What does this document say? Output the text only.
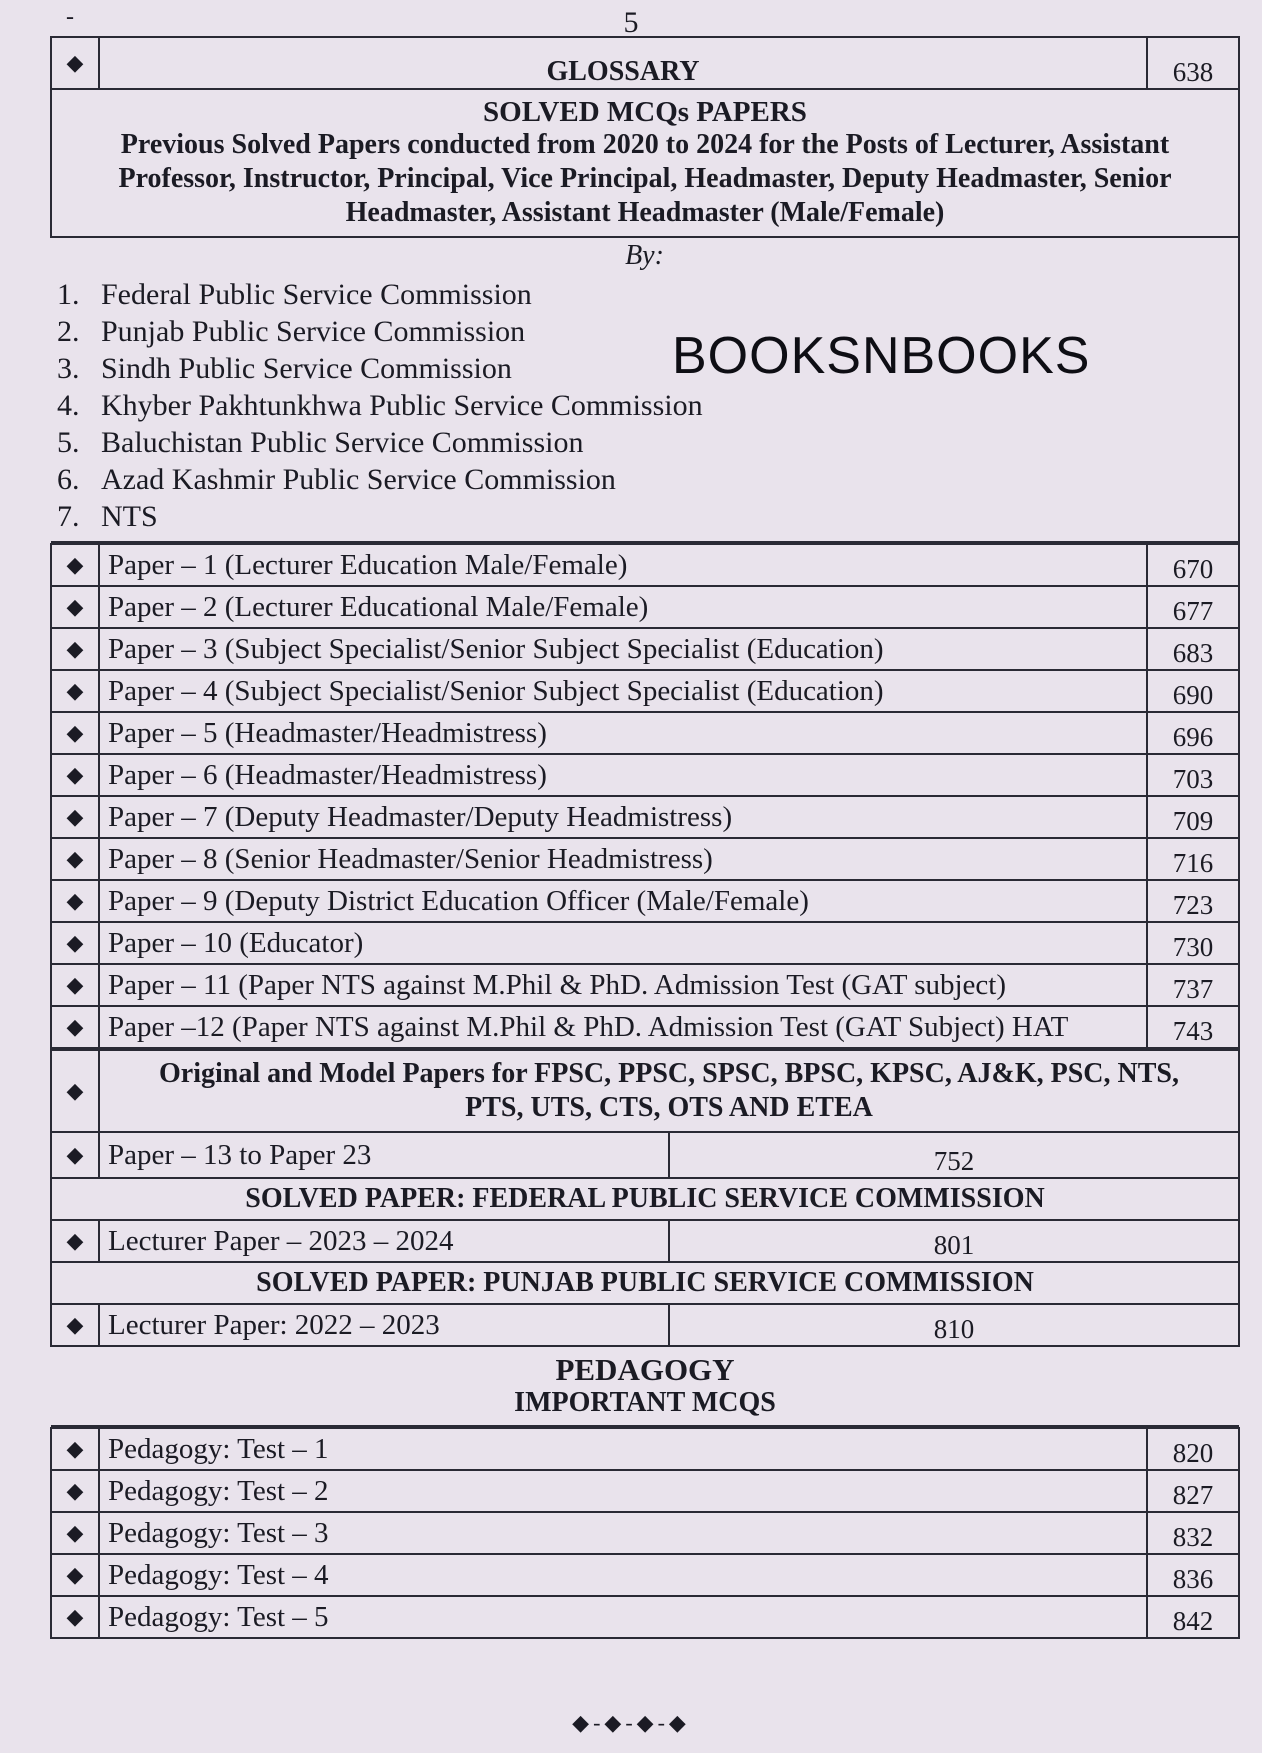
-	5
◆	GLOSSARY	638

SOLVED MCQs PAPERS
Previous Solved Papers conducted from 2020 to 2024 for the Posts of Lecturer, Assistant Professor, Instructor, Principal, Vice Principal, Headmaster, Deputy Headmaster, Senior Headmaster, Assistant Headmaster (Male/Female)

By:
1. Federal Public Service Commission
2. Punjab Public Service Commission
3. Sindh Public Service Commission
4. Khyber Pakhtunkhwa Public Service Commission
5. Baluchistan Public Service Commission
6. Azad Kashmir Public Service Commission
7. NTS
◆	Paper – 1 (Lecturer Education Male/Female)	670
◆	Paper – 2 (Lecturer Educational Male/Female)	677
◆	Paper – 3 (Subject Specialist/Senior Subject Specialist (Education)	683
◆	Paper – 4 (Subject Specialist/Senior Subject Specialist (Education)	690
◆	Paper – 5 (Headmaster/Headmistress)	696
◆	Paper – 6 (Headmaster/Headmistress)	703
◆	Paper – 7 (Deputy Headmaster/Deputy Headmistress)	709
◆	Paper – 8 (Senior Headmaster/Senior Headmistress)	716
◆	Paper – 9 (Deputy District Education Officer (Male/Female)	723
◆	Paper – 10 (Educator)	730
◆	Paper – 11 (Paper NTS against M.Phil & PhD. Admission Test (GAT subject)	737
◆	Paper –12 (Paper NTS against M.Phil & PhD. Admission Test (GAT Subject) HAT	743
◆	Original and Model Papers for FPSC, PPSC, SPSC, BPSC, KPSC, AJ&K, PSC, NTS, PTS, UTS, CTS, OTS AND ETEA	
◆	Paper – 13 to Paper 23	752
SOLVED PAPER: FEDERAL PUBLIC SERVICE COMMISSION		
◆	Lecturer Paper – 2023 – 2024	801
SOLVED PAPER: PUNJAB PUBLIC SERVICE COMMISSION		
◆	Lecturer Paper: 2022 – 2023	810

PEDAGOGY
IMPORTANT MCQS		
◆	Pedagogy: Test – 1	820
◆	Pedagogy: Test – 2	827
◆	Pedagogy: Test – 3	832
◆	Pedagogy: Test – 4	836
◆	Pedagogy: Test – 5	842
BOOKSNBOOKS
◆-◆-◆-◆
